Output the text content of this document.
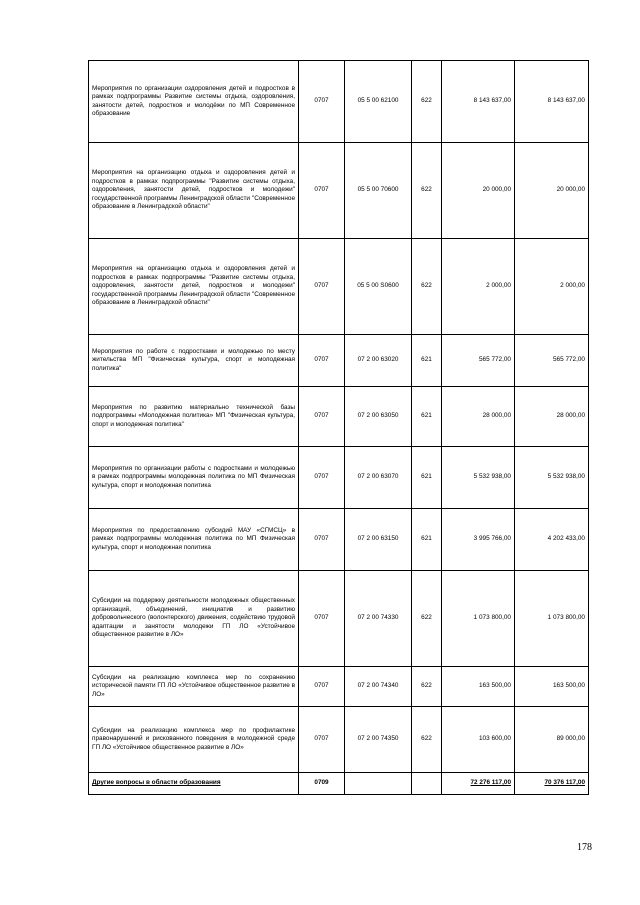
Мероприятия по организации оздоровления детей и подростков в рамках подпрограммы Развитие системы отдыха, оздоровления, занятости детей, подростков и молодёжи по МП Современное образование	0707	05 5 00 62100	622	8 143 637,00	8 143 637,00
Мероприятия на организацию отдыха и оздоровления детей и подростков в рамках подпрограммы "Развитие системы отдыха, оздоровления, занятости детей, подростков и молодежи" государственной программы Ленинградской области "Современное образование в Ленинградской области"	0707	05 5 00 70600	622	20 000,00	20 000,00
Мероприятия на организацию отдыха и оздоровления детей и подростков в рамках подпрограммы "Развитие системы отдыха, оздоровления, занятости детей, подростков и молодежи" государственной программы Ленинградской области "Современное образование в Ленинградской области"	0707	05 5 00 S0600	622	2 000,00	2 000,00
Мероприятия по работе с подростками и молодежью по месту жительства МП "Физическая культура, спорт и молодежная политика"	0707	07 2 00 63020	621	565 772,00	565 772,00
Мероприятия по развитию материально технической базы подпрограммы «Молодежная политика» МП "Физическая культура, спорт и молодежная политика"	0707	07 2 00 63050	621	28 000,00	28 000,00
Мероприятия по организации работы с подростками и молодежью в рамках подпрограммы молодежная политика по МП Физическая культура, спорт и молодежная политика	0707	07 2 00 63070	621	5 532 938,00	5 532 938,00
Мероприятия по предоставлению субсидий МАУ «СГМСЦ» в рамках подпрограммы молодежная политика по МП Физическая культура, спорт и молодежная политика	0707	07 2 00 63150	621	3 995 766,00	4 202 433,00
Субсидии на поддержку деятельности молодежных общественных организаций, объединений, инициатив и развитию добровольческого (волонтерского) движения, содействию трудовой адаптации и занятости молодежи ГП ЛО «Устойчивое общественное развитие в ЛО»	0707	07 2 00 74330	622	1 073 800,00	1 073 800,00
Субсидии на реализацию комплекса мер по сохранению исторической памяти ГП ЛО «Устойчивое общественное развитие в ЛО»	0707	07 2 00 74340	622	163 500,00	163 500,00
Субсидии на реализацию комплекса мер по профилактике правонарушений и рискованного поведения в молодежной среде ГП ЛО «Устойчивое общественное развитие в ЛО»	0707	07 2 00 74350	622	103 600,00	89 000,00
Другие вопросы в области образования	0709			72 276 117,00	70 376 117,00
178
